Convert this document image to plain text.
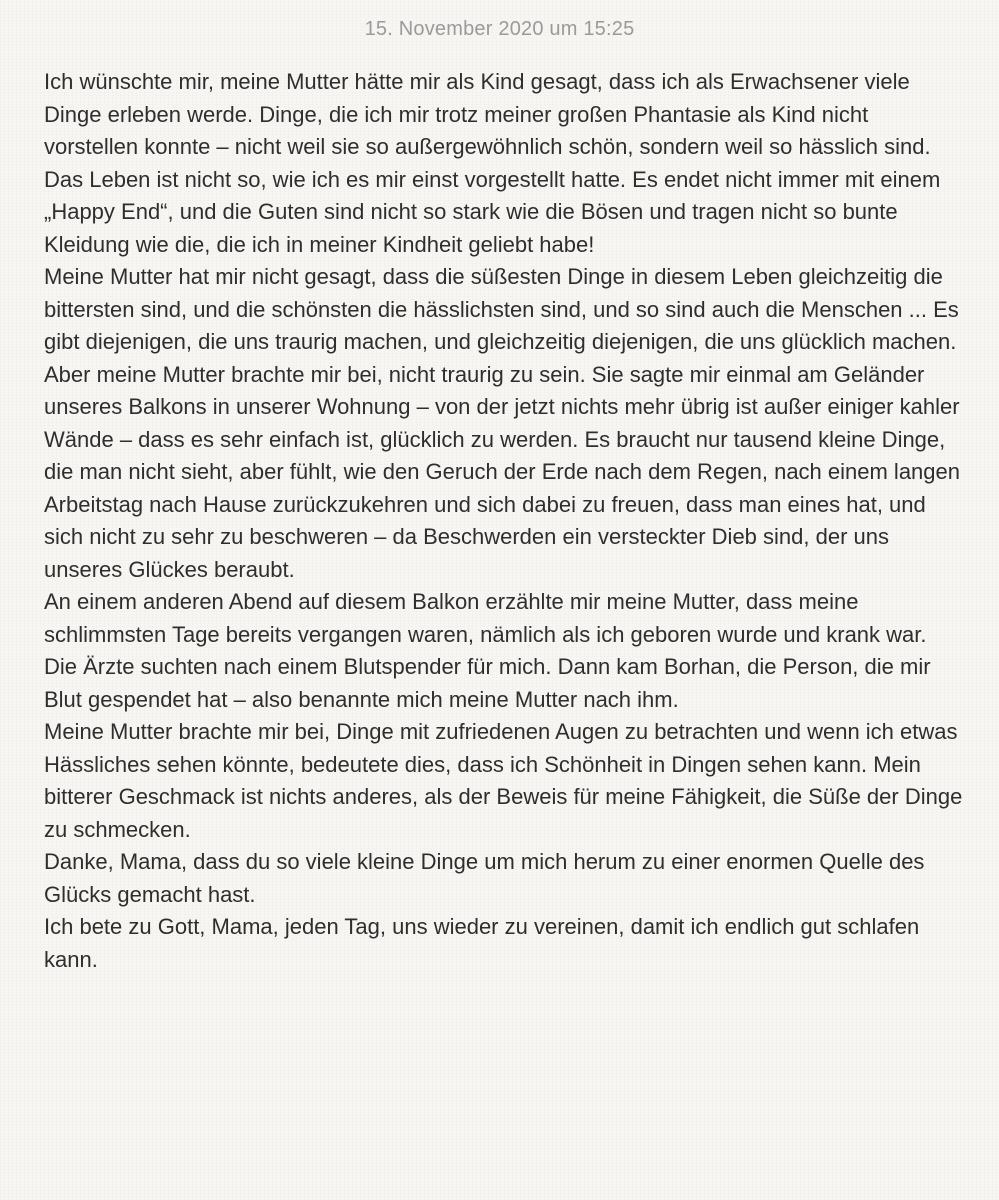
15. November 2020 um 15:25

Ich wünschte mir, meine Mutter hätte mir als Kind gesagt, dass ich als Erwachsener viele Dinge erleben werde. Dinge, die ich mir trotz meiner großen Phantasie als Kind nicht vorstellen konnte – nicht weil sie so außergewöhnlich schön, sondern weil so hässlich sind.

Das Leben ist nicht so, wie ich es mir einst vorgestellt hatte. Es endet nicht immer mit einem „Happy End“, und die Guten sind nicht so stark wie die Bösen und tragen nicht so bunte Kleidung wie die, die ich in meiner Kindheit geliebt habe!

Meine Mutter hat mir nicht gesagt, dass die süßesten Dinge in diesem Leben gleichzeitig die bittersten sind, und die schönsten die hässlichsten sind, und so sind auch die Menschen ... Es gibt diejenigen, die uns traurig machen, und gleichzeitig diejenigen, die uns glücklich machen.

Aber meine Mutter brachte mir bei, nicht traurig zu sein. Sie sagte mir einmal am Geländer unseres Balkons in unserer Wohnung – von der jetzt nichts mehr übrig ist außer einiger kahler Wände – dass es sehr einfach ist, glücklich zu werden. Es braucht nur tausend kleine Dinge, die man nicht sieht, aber fühlt, wie den Geruch der Erde nach dem Regen, nach einem langen Arbeitstag nach Hause zurückzukehren und sich dabei zu freuen, dass man eines hat, und sich nicht zu sehr zu beschweren – da Beschwerden ein versteckter Dieb sind, der uns unseres Glückes beraubt.

An einem anderen Abend auf diesem Balkon erzählte mir meine Mutter, dass meine schlimmsten Tage bereits vergangen waren, nämlich als ich geboren wurde und krank war. Die Ärzte suchten nach einem Blutspender für mich. Dann kam Borhan, die Person, die mir Blut gespendet hat – also benannte mich meine Mutter nach ihm.

Meine Mutter brachte mir bei, Dinge mit zufriedenen Augen zu betrachten und wenn ich etwas Hässliches sehen könnte, bedeutete dies, dass ich Schönheit in Dingen sehen kann. Mein bitterer Geschmack ist nichts anderes, als der Beweis für meine Fähigkeit, die Süße der Dinge zu schmecken.

Danke, Mama, dass du so viele kleine Dinge um mich herum zu einer enormen Quelle des Glücks gemacht hast.

Ich bete zu Gott, Mama, jeden Tag, uns wieder zu vereinen, damit ich endlich gut schlafen kann.
